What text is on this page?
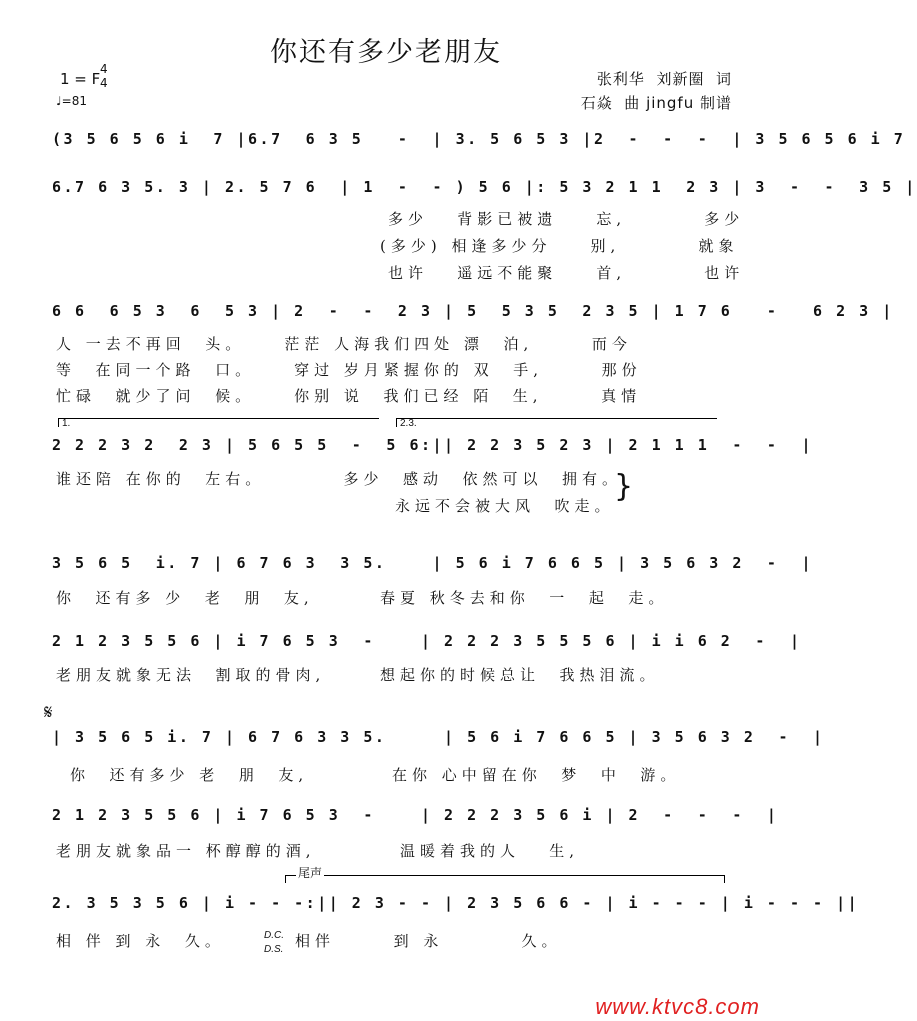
你还有多少老朋友
张利华  刘新圈  词
石焱  曲 jingfu 制谱
1 = F
4
4
♩=81
(3 5 6 5 6 i  7 |6.7  6 3 5   -  | 3. 5 6 5 3 |2  -  -  -  | 3 5 6 5 6 i 7
6.7 6 3 5. 3 | 2. 5 7 6  | 1  -  - ) 5 6 |: 5 3 2 1 1  2 3 | 3  -  -  3 5 |
多少   背影已被遗    忘,        多少
(多少) 相逢多少分    别,        就象
也许   遥远不能聚    首,        也许
6 6  6 5 3  6  5 3 | 2  -  -  2 3 | 5  5 3 5  2 3 5 | 1 7 6   -   6 2 3 |
人 一去不再回  头。    茫茫 人海我们四处 漂  泊,      而今
等  在同一个路  口。    穿过 岁月紧握你的 双  手,      那份
忙碌  就少了问  候。    你别 说  我们已经 陌  生,      真情
1.	2.3.
2 2 2 3 2  2 3 | 5 6 5 5  -  5 6:|| 2 2 3 5 2 3 | 2 1 1 1  -  -  |
谁还陪 在你的  左右。        多少  感动  依然可以  拥有。
永远不会被大风  吹走。
}
3 5 6 5  i. 7 | 6 7 6 3  3 5.    | 5 6 i 7 6 6 5 | 3 5 6 3 2  -  |
你  还有多 少  老  朋  友,	春夏 秋冬去和你  一  起  走。
2 1 2 3 5 5 6 | i 7 6 5 3  -    | 2 2 2 3 5 5 5 6 | i i 6 2  -  |
老朋友就象无法  割取的骨肉,	想起你的时候总让  我热泪流。
𝄋
| 3 5 6 5 i. 7 | 6 7 6 3 3 5.     | 5 6 i 7 6 6 5 | 3 5 6 3 2  -  |
你  还有多少 老  朋  友,	在你 心中留在你  梦  中  游。
2 1 2 3 5 5 6 | i 7 6 5 3  -    | 2 2 2 3 5 6 i | 2  -  -  -  |
老朋友就象品一 杯醇醇的酒,	温暖着我的人   生,
尾声
2. 3 5 3 5 6 | i - - -:|| 2 3 - - | 2 3 5 6 6 - | i - - - | i - - - ||
相 伴 到 永  久。	D.C.
D.S. 相伴      到 永        久。
www.ktvc8.com
